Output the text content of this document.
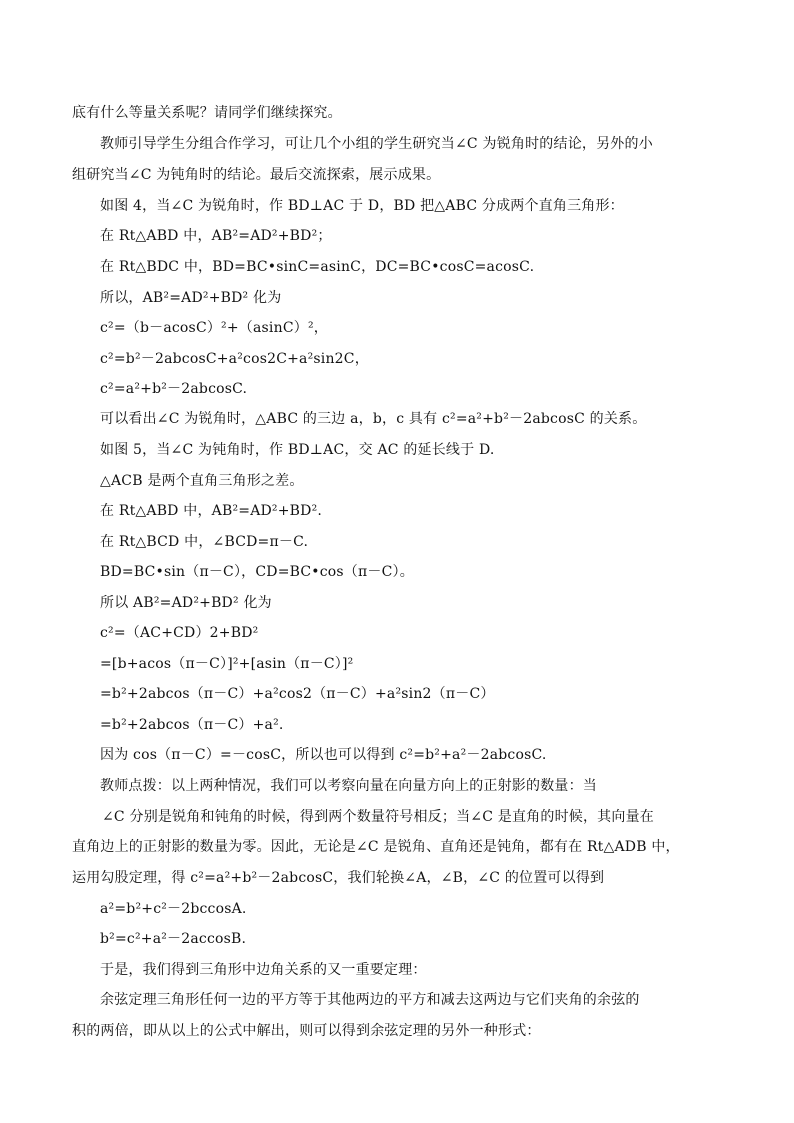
底有什么等量关系呢？请同学们继续探究。
教师引导学生分组合作学习，可让几个小组的学生研究当∠C 为锐角时的结论，另外的小
组研究当∠C 为钝角时的结论。最后交流探索，展示成果。
如图 4，当∠C 为锐角时，作 BD⊥AC 于 D，BD 把△ABC 分成两个直角三角形：
在 Rt△ABD 中，AB²=AD²+BD²；
在 Rt△BDC 中，BD=BC•sinC=asinC，DC=BC•cosC=acosC.
所以，AB²=AD²+BD² 化为
c²=（b－acosC）²+（asinC）²，
c²=b²－2abcosC+a²cos2C+a²sin2C，
c²=a²+b²－2abcosC.
可以看出∠C 为锐角时，△ABC 的三边 a，b，c 具有 c²=a²+b²－2abcosC 的关系。
如图 5，当∠C 为钝角时，作 BD⊥AC，交 AC 的延长线于 D.
△ACB 是两个直角三角形之差。
在 Rt△ABD 中，AB²=AD²+BD².
在 Rt△BCD 中，∠BCD=π－C.
BD=BC•sin（π－C），CD=BC•cos（π－C）。
所以 AB²=AD²+BD² 化为
c²=（AC+CD）2+BD²
=[b+acos（π－C）]²+[asin（π－C）]²
=b²+2abcos（π－C）+a²cos2（π－C）+a²sin2（π－C）
=b²+2abcos（π－C）+a².
因为 cos（π－C）=－cosC，所以也可以得到 c²=b²+a²－2abcosC.
教师点拨：以上两种情况，我们可以考察向量在向量方向上的正射影的数量：当
∠C 分别是锐角和钝角的时候，得到两个数量符号相反；当∠C 是直角的时候，其向量在
直角边上的正射影的数量为零。因此，无论是∠C 是锐角、直角还是钝角，都有在 Rt△ADB 中，
运用勾股定理，得 c²=a²+b²－2abcosC，我们轮换∠A，∠B，∠C 的位置可以得到
a²=b²+c²－2bccosA.
b²=c²+a²－2accosB.
于是，我们得到三角形中边角关系的又一重要定理：
余弦定理三角形任何一边的平方等于其他两边的平方和减去这两边与它们夹角的余弦的
积的两倍，即从以上的公式中解出，则可以得到余弦定理的另外一种形式：
